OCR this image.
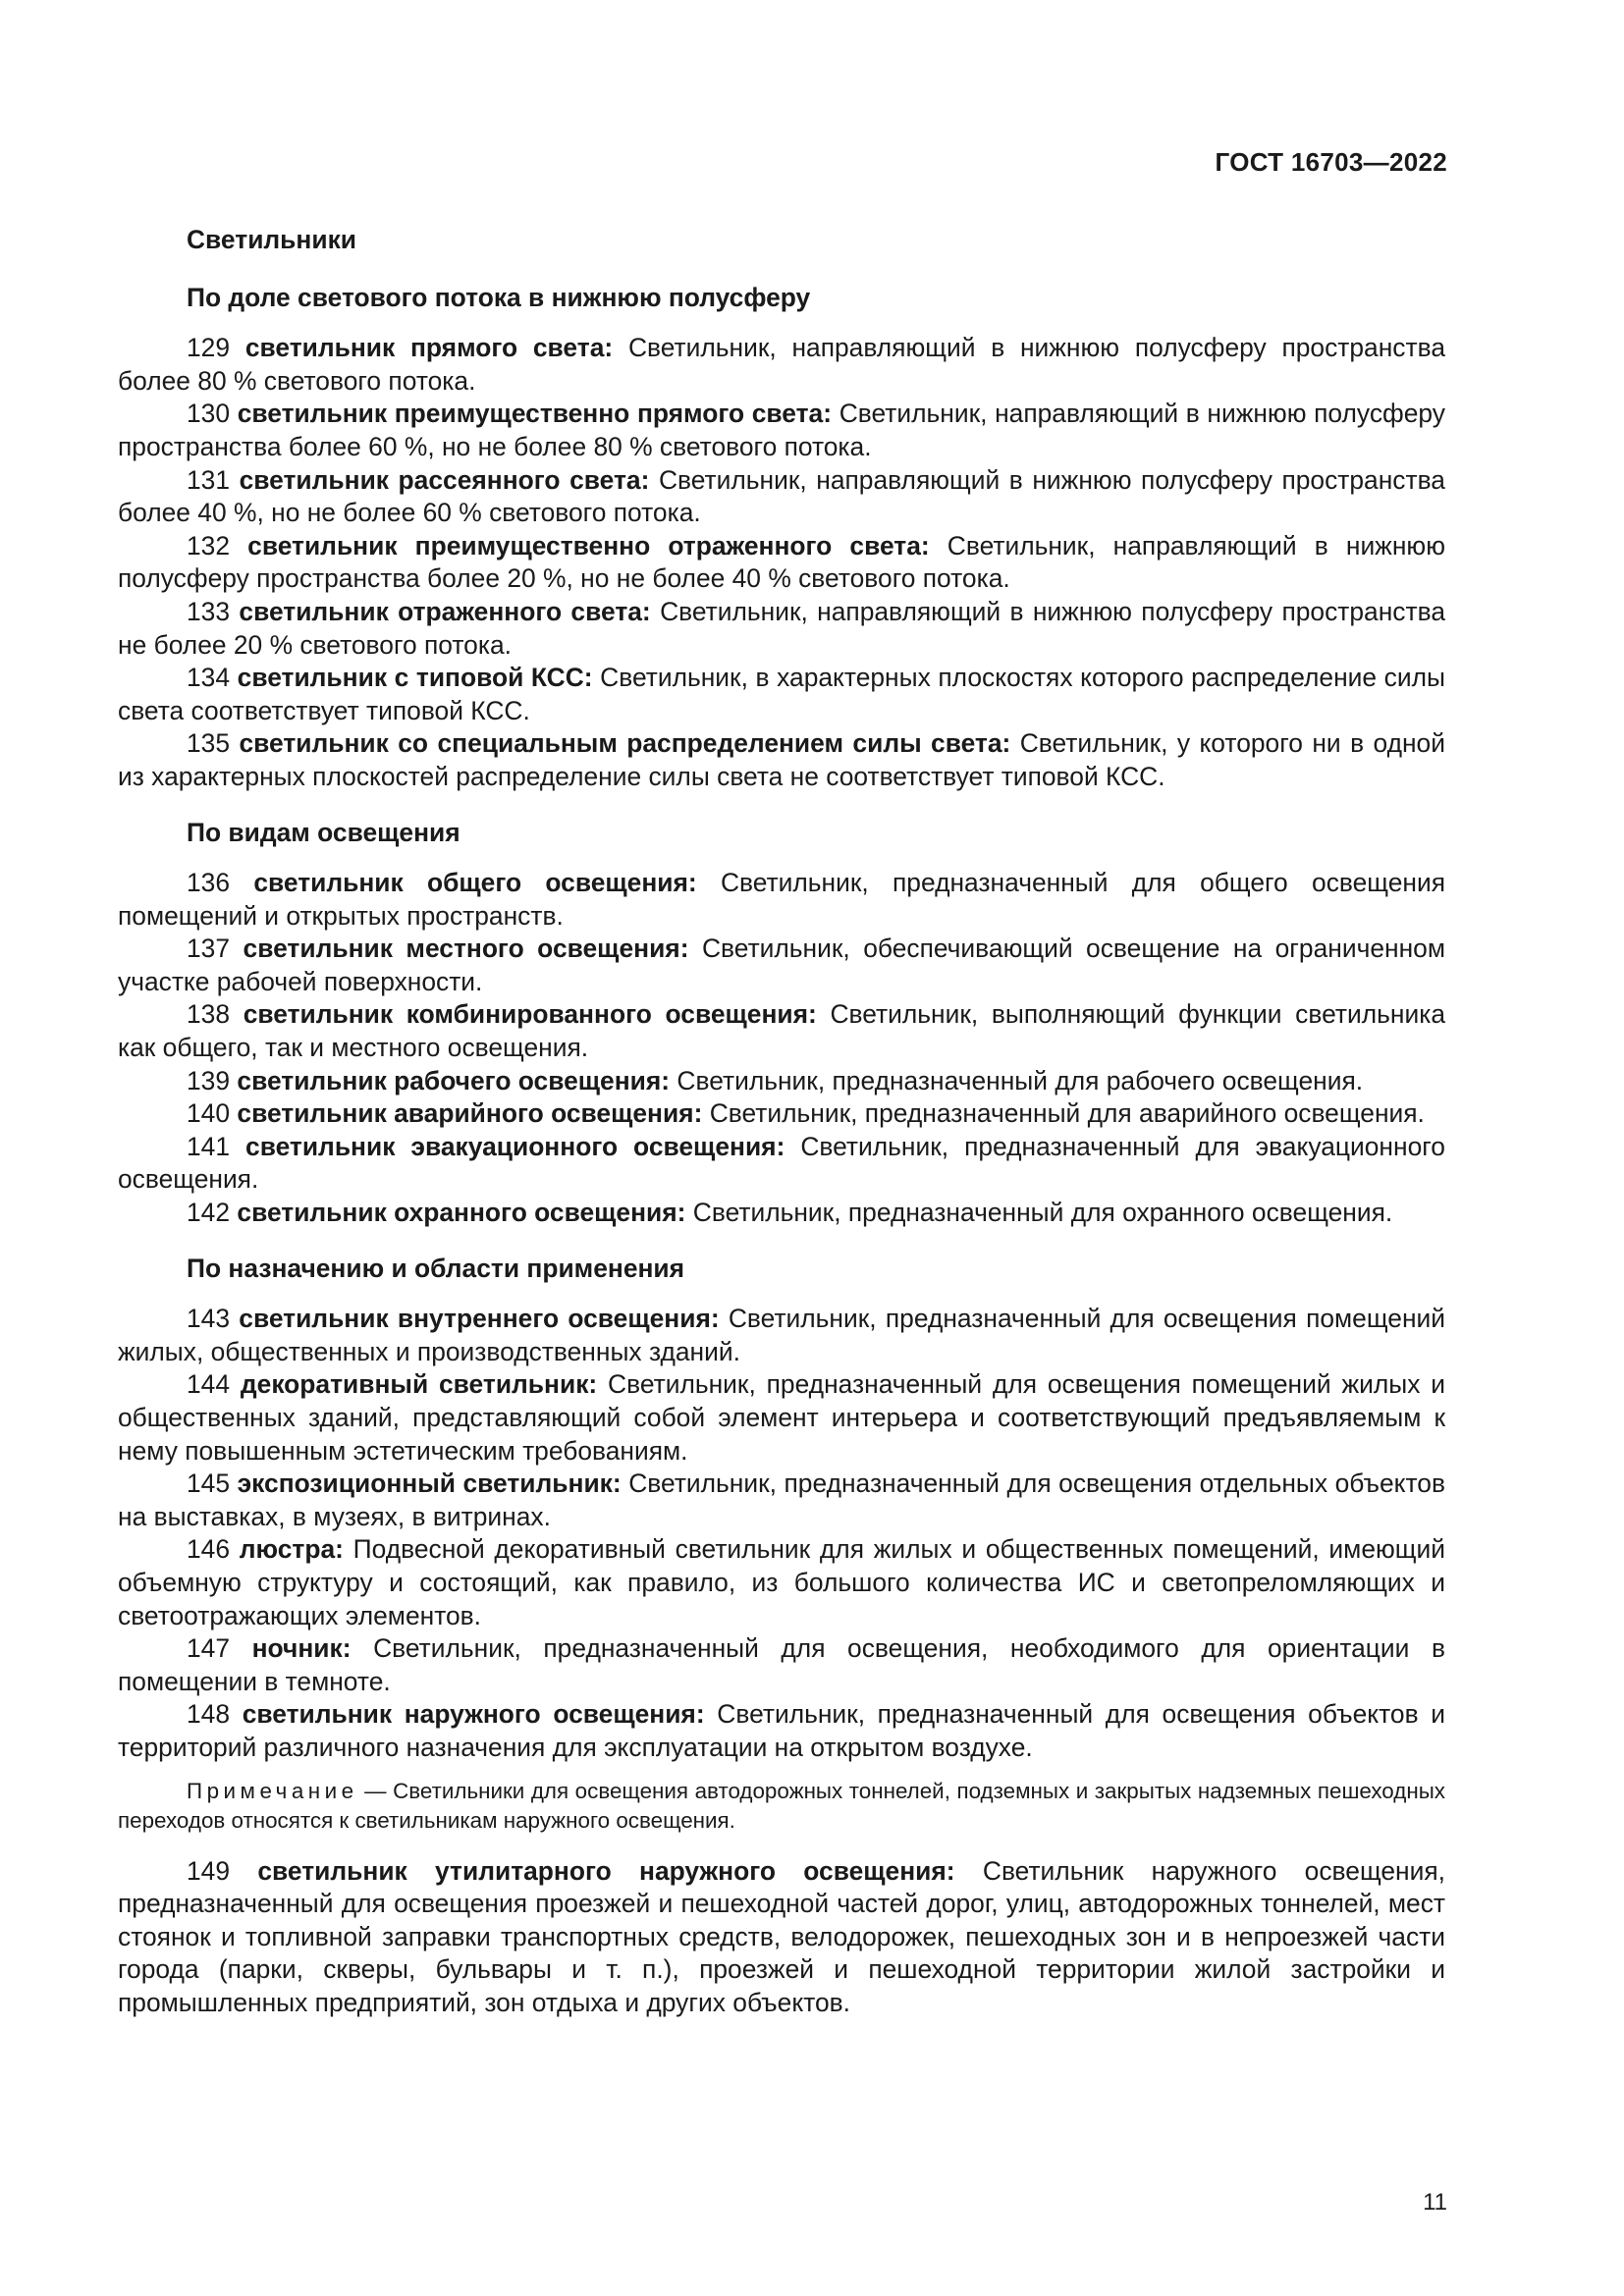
ГОСТ 16703—2022

Светильники

По доле светового потока в нижнюю полусферу

129 светильник прямого света: Светильник, направляющий в нижнюю полусферу пространства более 80 % светового потока.

130 светильник преимущественно прямого света: Светильник, направляющий в нижнюю полусферу пространства более 60 %, но не более 80 % светового потока.

131 светильник рассеянного света: Светильник, направляющий в нижнюю полусферу пространства более 40 %, но не более 60 % светового потока.

132 светильник преимущественно отраженного света: Светильник, направляющий в нижнюю полусферу пространства более 20 %, но не более 40 % светового потока.

133 светильник отраженного света: Светильник, направляющий в нижнюю полусферу пространства не более 20 % светового потока.

134 светильник с типовой КСС: Светильник, в характерных плоскостях которого распределение силы света соответствует типовой КСС.

135 светильник со специальным распределением силы света: Светильник, у которого ни в одной из характерных плоскостей распределение силы света не соответствует типовой КСС.

По видам освещения

136 светильник общего освещения: Светильник, предназначенный для общего освещения помещений и открытых пространств.

137 светильник местного освещения: Светильник, обеспечивающий освещение на ограниченном участке рабочей поверхности.

138 светильник комбинированного освещения: Светильник, выполняющий функции светильника как общего, так и местного освещения.

139 светильник рабочего освещения: Светильник, предназначенный для рабочего освещения.

140 светильник аварийного освещения: Светильник, предназначенный для аварийного освещения.

141 светильник эвакуационного освещения: Светильник, предназначенный для эвакуационного освещения.

142 светильник охранного освещения: Светильник, предназначенный для охранного освещения.

По назначению и области применения

143 светильник внутреннего освещения: Светильник, предназначенный для освещения помещений жилых, общественных и производственных зданий.

144 декоративный светильник: Светильник, предназначенный для освещения помещений жилых и общественных зданий, представляющий собой элемент интерьера и соответствующий предъявляемым к нему повышенным эстетическим требованиям.

145 экспозиционный светильник: Светильник, предназначенный для освещения отдельных объектов на выставках, в музеях, в витринах.

146 люстра: Подвесной декоративный светильник для жилых и общественных помещений, имеющий объемную структуру и состоящий, как правило, из большого количества ИС и светопреломляющих и светоотражающих элементов.

147 ночник: Светильник, предназначенный для освещения, необходимого для ориентации в помещении в темноте.

148 светильник наружного освещения: Светильник, предназначенный для освещения объектов и территорий различного назначения для эксплуатации на открытом воздухе.

Примечание — Светильники для освещения автодорожных тоннелей, подземных и закрытых надземных пешеходных переходов относятся к светильникам наружного освещения.

149 светильник утилитарного наружного освещения: Светильник наружного освещения, предназначенный для освещения проезжей и пешеходной частей дорог, улиц, автодорожных тоннелей, мест стоянок и топливной заправки транспортных средств, велодорожек, пешеходных зон и в непроезжей части города (парки, скверы, бульвары и т. п.), проезжей и пешеходной территории жилой застройки и промышленных предприятий, зон отдыха и других объектов.

11
